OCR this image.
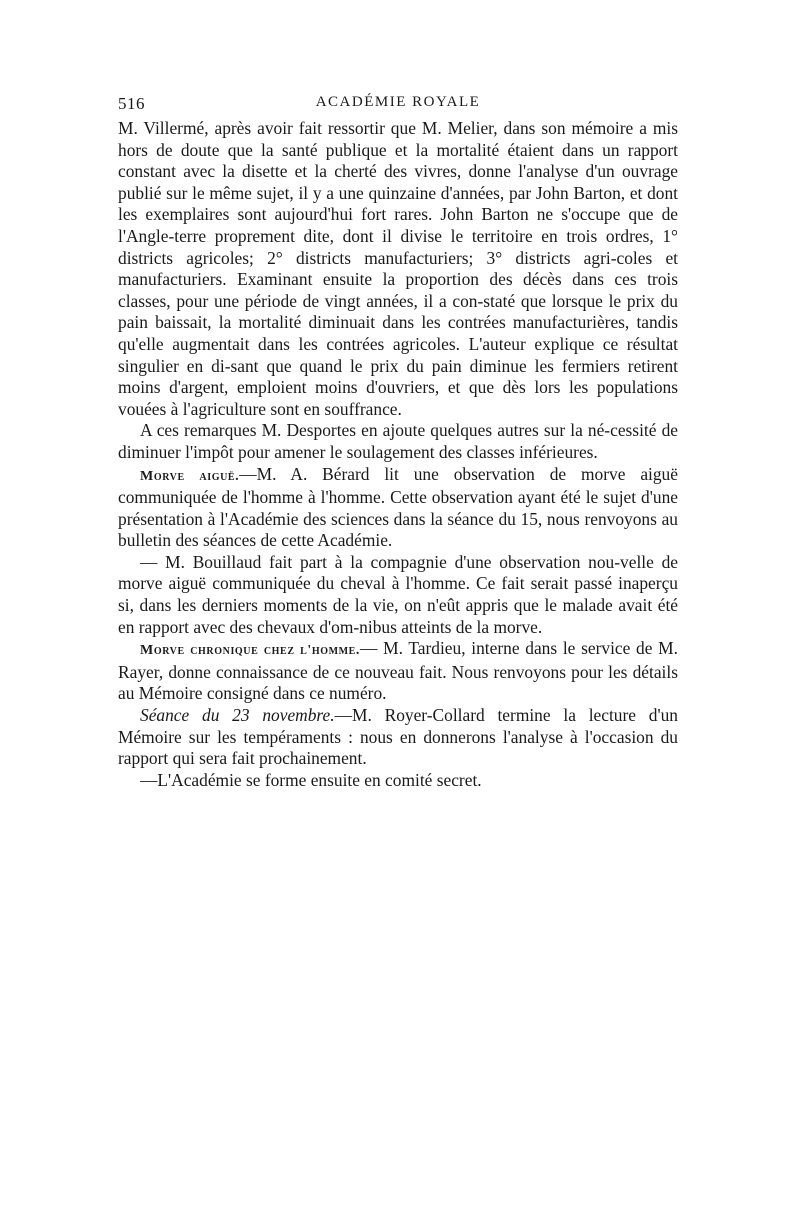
516	ACADÉMIE ROYALE

M. Villermé, après avoir fait ressortir que M. Melier, dans son mémoire a mis hors de doute que la santé publique et la mortalité étaient dans un rapport constant avec la disette et la cherté des vivres, donne l'analyse d'un ouvrage publié sur le même sujet, il y a une quinzaine d'années, par John Barton, et dont les exemplaires sont aujourd'hui fort rares. John Barton ne s'occupe que de l'Angle-terre proprement dite, dont il divise le territoire en trois ordres, 1° districts agricoles; 2° districts manufacturiers; 3° districts agri-coles et manufacturiers. Examinant ensuite la proportion des décès dans ces trois classes, pour une période de vingt années, il a con-staté que lorsque le prix du pain baissait, la mortalité diminuait dans les contrées manufacturières, tandis qu'elle augmentait dans les contrées agricoles. L'auteur explique ce résultat singulier en di-sant que quand le prix du pain diminue les fermiers retirent moins d'argent, emploient moins d'ouvriers, et que dès lors les populations vouées à l'agriculture sont en souffrance.

A ces remarques M. Desportes en ajoute quelques autres sur la né-cessité de diminuer l'impôt pour amener le soulagement des classes inférieures.

Morve aiguë.—M. A. Bérard lit une observation de morve aiguë communiquée de l'homme à l'homme. Cette observation ayant été le sujet d'une présentation à l'Académie des sciences dans la séance du 15, nous renvoyons au bulletin des séances de cette Académie.

— M. Bouillaud fait part à la compagnie d'une observation nou-velle de morve aiguë communiquée du cheval à l'homme. Ce fait serait passé inaperçu si, dans les derniers moments de la vie, on n'eût appris que le malade avait été en rapport avec des chevaux d'om-nibus atteints de la morve.

Morve chronique chez l'homme.— M. Tardieu, interne dans le service de M. Rayer, donne connaissance de ce nouveau fait. Nous renvoyons pour les détails au Mémoire consigné dans ce numéro.

Séance du 23 novembre.—M. Royer-Collard termine la lecture d'un Mémoire sur les tempéraments : nous en donnerons l'analyse à l'occasion du rapport qui sera fait prochainement.

—L'Académie se forme ensuite en comité secret.
